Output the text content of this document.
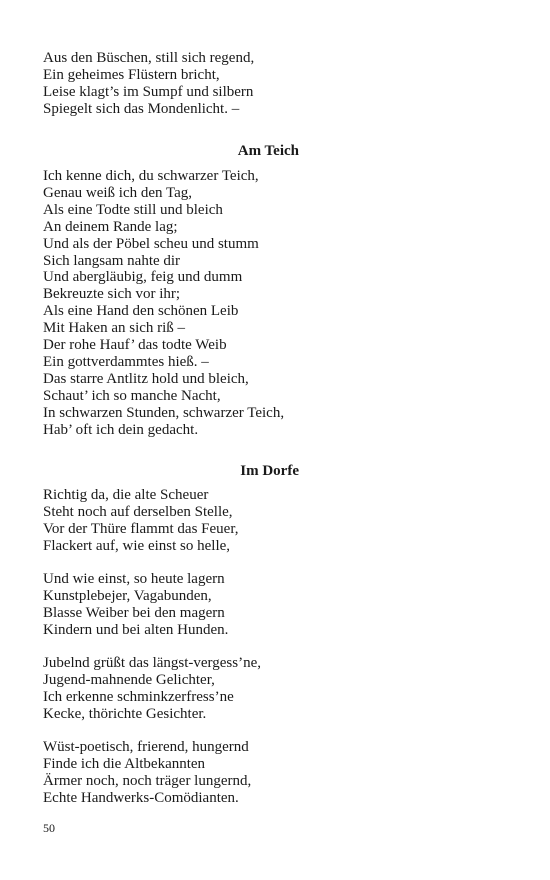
Aus den Büschen, still sich regend,

Ein geheimes Flüstern bricht,

Leise klagt’s im Sumpf und silbern

Spiegelt sich das Mondenlicht. –

Am Teich

Ich kenne dich, du schwarzer Teich,

Genau weiß ich den Tag,

Als eine Todte still und bleich

An deinem Rande lag;

Und als der Pöbel scheu und stumm

Sich langsam nahte dir

Und abergläubig, feig und dumm

Bekreuzte sich vor ihr;

Als eine Hand den schönen Leib

Mit Haken an sich riß –

Der rohe Hauf’ das todte Weib

Ein gottverdammtes hieß. –

Das starre Antlitz hold und bleich,

Schaut’ ich so manche Nacht,

In schwarzen Stunden, schwarzer Teich,

Hab’ oft ich dein gedacht.

Im Dorfe

Richtig da, die alte Scheuer

Steht noch auf derselben Stelle,

Vor der Thüre flammt das Feuer,

Flackert auf, wie einst so helle,

Und wie einst, so heute lagern

Kunstplebejer, Vagabunden,

Blasse Weiber bei den magern

Kindern und bei alten Hunden.

Jubelnd grüßt das längst-vergess’ne,

Jugend-mahnende Gelichter,

Ich erkenne schminkzerfress’ne

Kecke, thörichte Gesichter.

Wüst-poetisch, frierend, hungernd

Finde ich die Altbekannten

Ärmer noch, noch träger lungernd,

Echte Handwerks-Comödianten.

50
